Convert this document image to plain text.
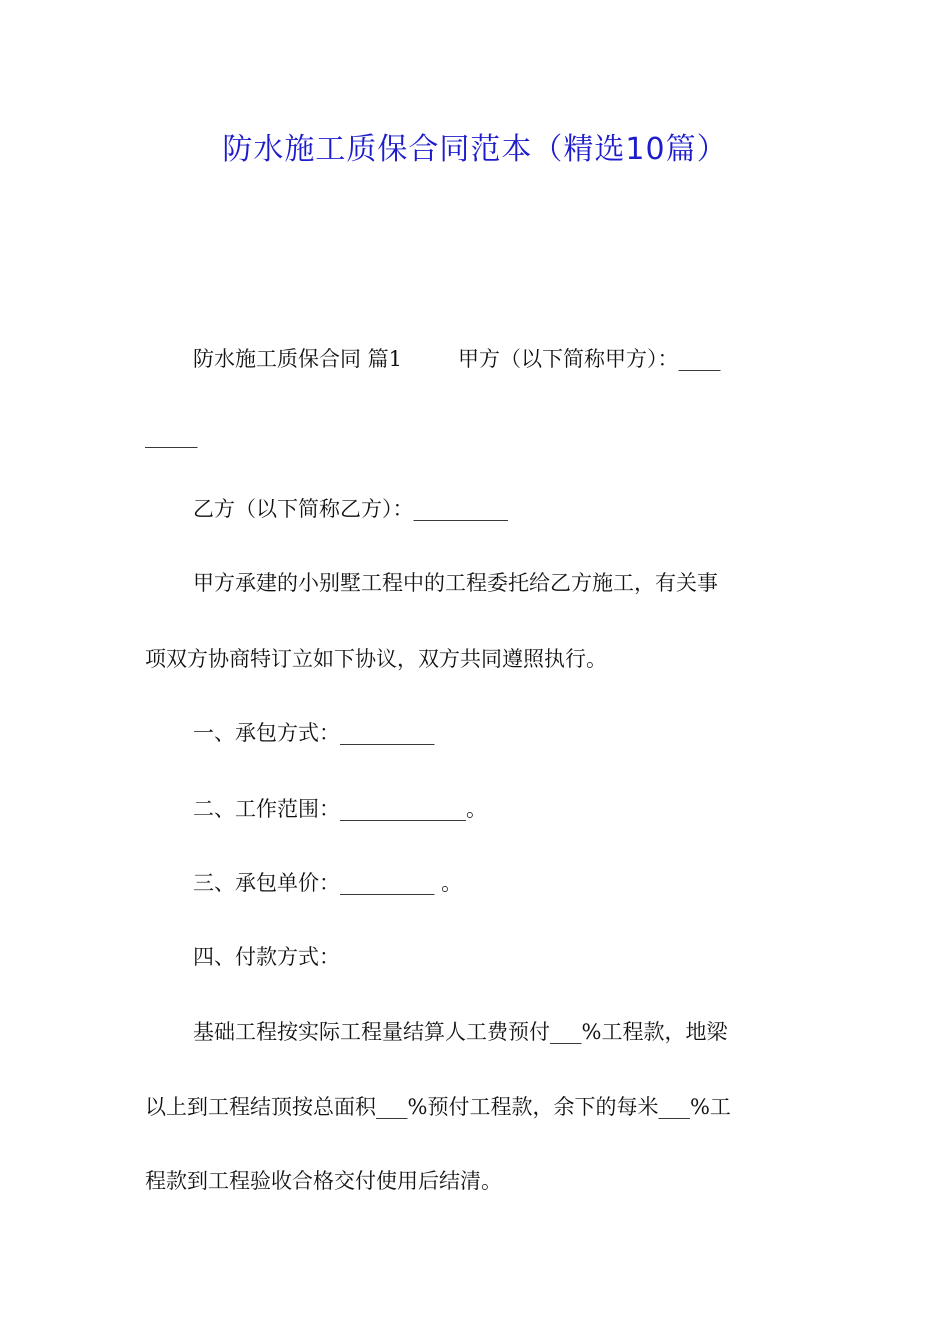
防水施工质保合同范本（精选10篇）
防水施工质保合同 篇1	甲方（以下简称甲方）：____
_____
乙方（以下简称乙方）：_________
甲方承建的小别墅工程中的工程委托给乙方施工，有关事
项双方协商特订立如下协议，双方共同遵照执行。
一、承包方式：_________
二、工作范围：____________。
三、承包单价：_________ 。
四、付款方式：
基础工程按实际工程量结算人工费预付___%工程款，地梁
以上到工程结顶按总面积___%预付工程款，余下的每米___%工
程款到工程验收合格交付使用后结清。
